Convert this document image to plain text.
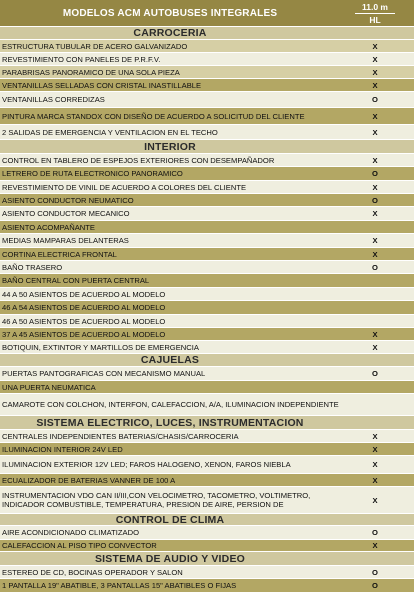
MODELOS ACM AUTOBUSES INTEGRALES
11.0 m
HL
CARROCERIA
ESTRUCTURA TUBULAR DE ACERO GALVANIZADO	X
REVESTIMIENTO CON PANELES DE P.R.F.V.	X
PARABRISAS PANORAMICO DE UNA SOLA PIEZA	X
VENTANILLAS SELLADAS CON CRISTAL INASTILLABLE	X
VENTANILLAS CORREDIZAS	O
PINTURA MARCA STANDOX CON DISEÑO DE ACUERDO A SOLICITUD DEL CLIENTE	X
2 SALIDAS DE EMERGENCIA Y VENTILACION EN EL TECHO	X
INTERIOR
CONTROL EN TABLERO DE ESPEJOS EXTERIORES CON DESEMPAÑADOR	X
LETRERO DE RUTA ELECTRONICO PANORAMICO	O
REVESTIMIENTO DE VINIL DE ACUERDO A COLORES DEL CLIENTE	X
ASIENTO CONDUCTOR NEUMATICO	O
ASIENTO CONDUCTOR MECANICO	X
ASIENTO ACOMPAÑANTE
MEDIAS MAMPARAS DELANTERAS	X
CORTINA ELECTRICA FRONTAL	X
BAÑO TRASERO	O
BAÑO CENTRAL CON PUERTA CENTRAL
44 A 50 ASIENTOS DE ACUERDO AL MODELO
46 A 54 ASIENTOS DE ACUERDO AL MODELO
46 A 50 ASIENTOS DE ACUERDO AL MODELO
37 A 45 ASIENTOS DE ACUERDO AL MODELO	X
BOTIQUIN, EXTINTOR Y MARTILLOS DE EMERGENCIA	X
CAJUELAS
PUERTAS PANTOGRAFICAS CON MECANISMO MANUAL	O
UNA PUERTA NEUMATICA
CAMAROTE CON COLCHON, INTERFON, CALEFACCION, A/A, ILUMINACION INDEPENDIENTE
SISTEMA ELECTRICO, LUCES, INSTRUMENTACION
CENTRALES INDEPENDIENTES BATERIAS/CHASIS/CARROCERIA	X
ILUMINACION INTERIOR 24V LED	X
ILUMINACION EXTERIOR 12V LED; FAROS HALOGENO, XENON, FAROS NIEBLA	X
ECUALIZADOR DE BATERIAS VANNER DE 100 A	X
INSTRUMENTACION VDO CAN II/III,CON VELOCIMETRO, TACOMETRO, VOLTIMETRO, INDICADOR COMBUSTIBLE, TEMPERATURA, PRESION DE AIRE, PERSION DE	X
CONTROL DE CLIMA
AIRE ACONDICIONADO CLIMATIZADO	O
CALEFACCION AL PISO TIPO CONVECTOR	X
SISTEMA DE AUDIO Y VIDEO
ESTEREO DE CD, BOCINAS OPERADOR Y SALON	O
1 PANTALLA 19" ABATIBLE, 3 PANTALLAS 15" ABATIBLES O FIJAS	O
